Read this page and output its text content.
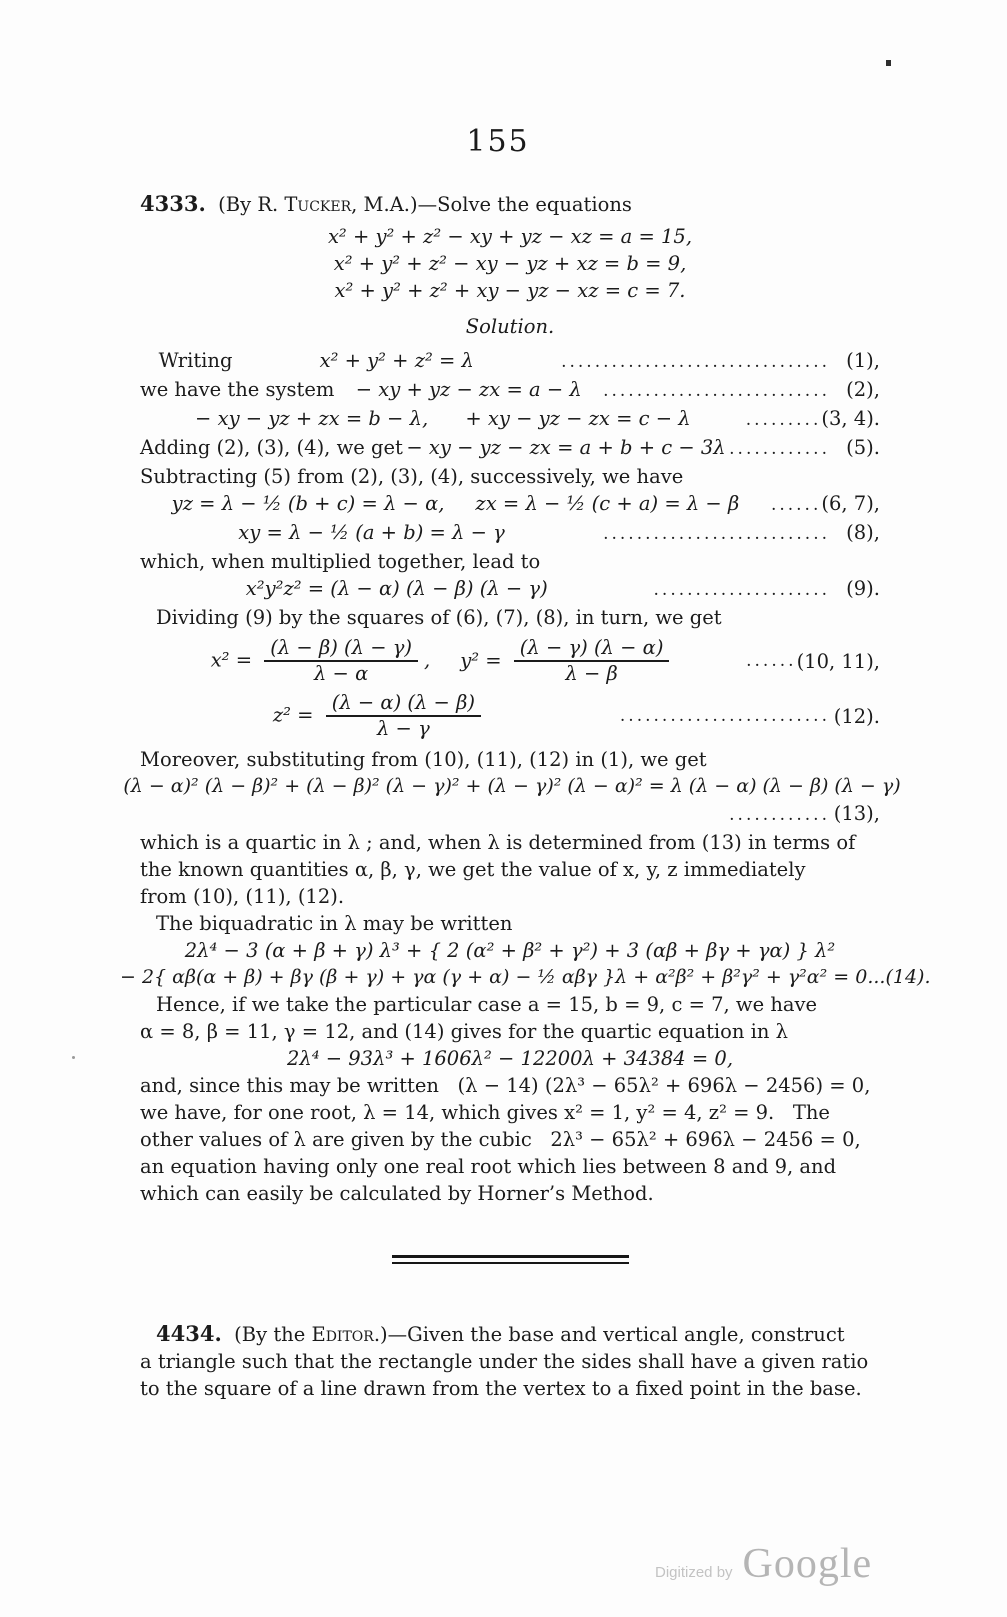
155
4333.  (By R. Tucker, M.A.)—Solve the equations
x² + y² + z² − xy + yz − xz = a = 15,
x² + y² + z² − xy − yz + xz = b = 9,
x² + y² + z² + xy − yz − xz = c = 7.
Solution.
Writing	x² + y² + z² = λ	................................ (1),
we have the system	− xy + yz − zx = a − λ	........................... (2),
− xy − yz + zx = b − λ,      + xy − yz − zx = c − λ	......... (3, 4).
Adding (2), (3), (4), we get − xy − yz − zx = a + b + c − 3λ ............ (5).
Subtracting (5) from (2), (3), (4), successively, we have
yz = λ − ½ (b + c) = λ − α,     zx = λ − ½ (c + a) = λ − β	...... (6, 7),
xy = λ − ½ (a + b) = λ − γ	........................... (8),
which, when multiplied together, lead to
x²y²z² = (λ − α) (λ − β) (λ − γ)	..................... (9).
Dividing (9) by the squares of (6), (7), (8), in turn, we get
$x^2 = \frac{(\lambda - \beta) (\lambda - \gamma)}{\lambda - \alpha}$ , $y^2 = \frac{(\lambda - \gamma) (\lambda - \alpha)}{\lambda - \beta}$	...... (10, 11),
$z^2 = \frac{(\lambda - \alpha) (\lambda - \beta)}{\lambda - \gamma}$	......................... (12).
Moreover, substituting from (10), (11), (12) in (1), we get
(λ − α)² (λ − β)² + (λ − β)² (λ − γ)² + (λ − γ)² (λ − α)² = λ (λ − α) (λ − β) (λ − γ)
............ (13),
which is a quartic in λ ; and, when λ is determined from (13) in terms of
the known quantities α, β, γ, we get the value of x, y, z immediately
from (10), (11), (12).
The biquadratic in λ may be written
2λ⁴ − 3 (α + β + γ) λ³ + { 2 (α² + β² + γ²) + 3 (αβ + βγ + γα) } λ²
− 2{ αβ(α + β) + βγ (β + γ) + γα (γ + α) − ½ αβγ }λ + α²β² + β²γ² + γ²α² = 0...(14).
Hence, if we take the particular case a = 15, b = 9, c = 7, we have
α = 8, β = 11, γ = 12, and (14) gives for the quartic equation in λ
2λ⁴ − 93λ³ + 1606λ² − 12200λ + 34384 = 0,
and, since this may be written   (λ − 14) (2λ³ − 65λ² + 696λ − 2456) = 0,
we have, for one root, λ = 14, which gives x² = 1, y² = 4, z² = 9.   The
other values of λ are given by the cubic   2λ³ − 65λ² + 696λ − 2456 = 0,
an equation having only one real root which lies between 8 and 9, and
which can easily be calculated by Horner’s Method.
4434.  (By the Editor.)—Given the base and vertical angle, construct
a triangle such that the rectangle under the sides shall have a given ratio
to the square of a line drawn from the vertex to a fixed point in the base.
Digitized by Google
